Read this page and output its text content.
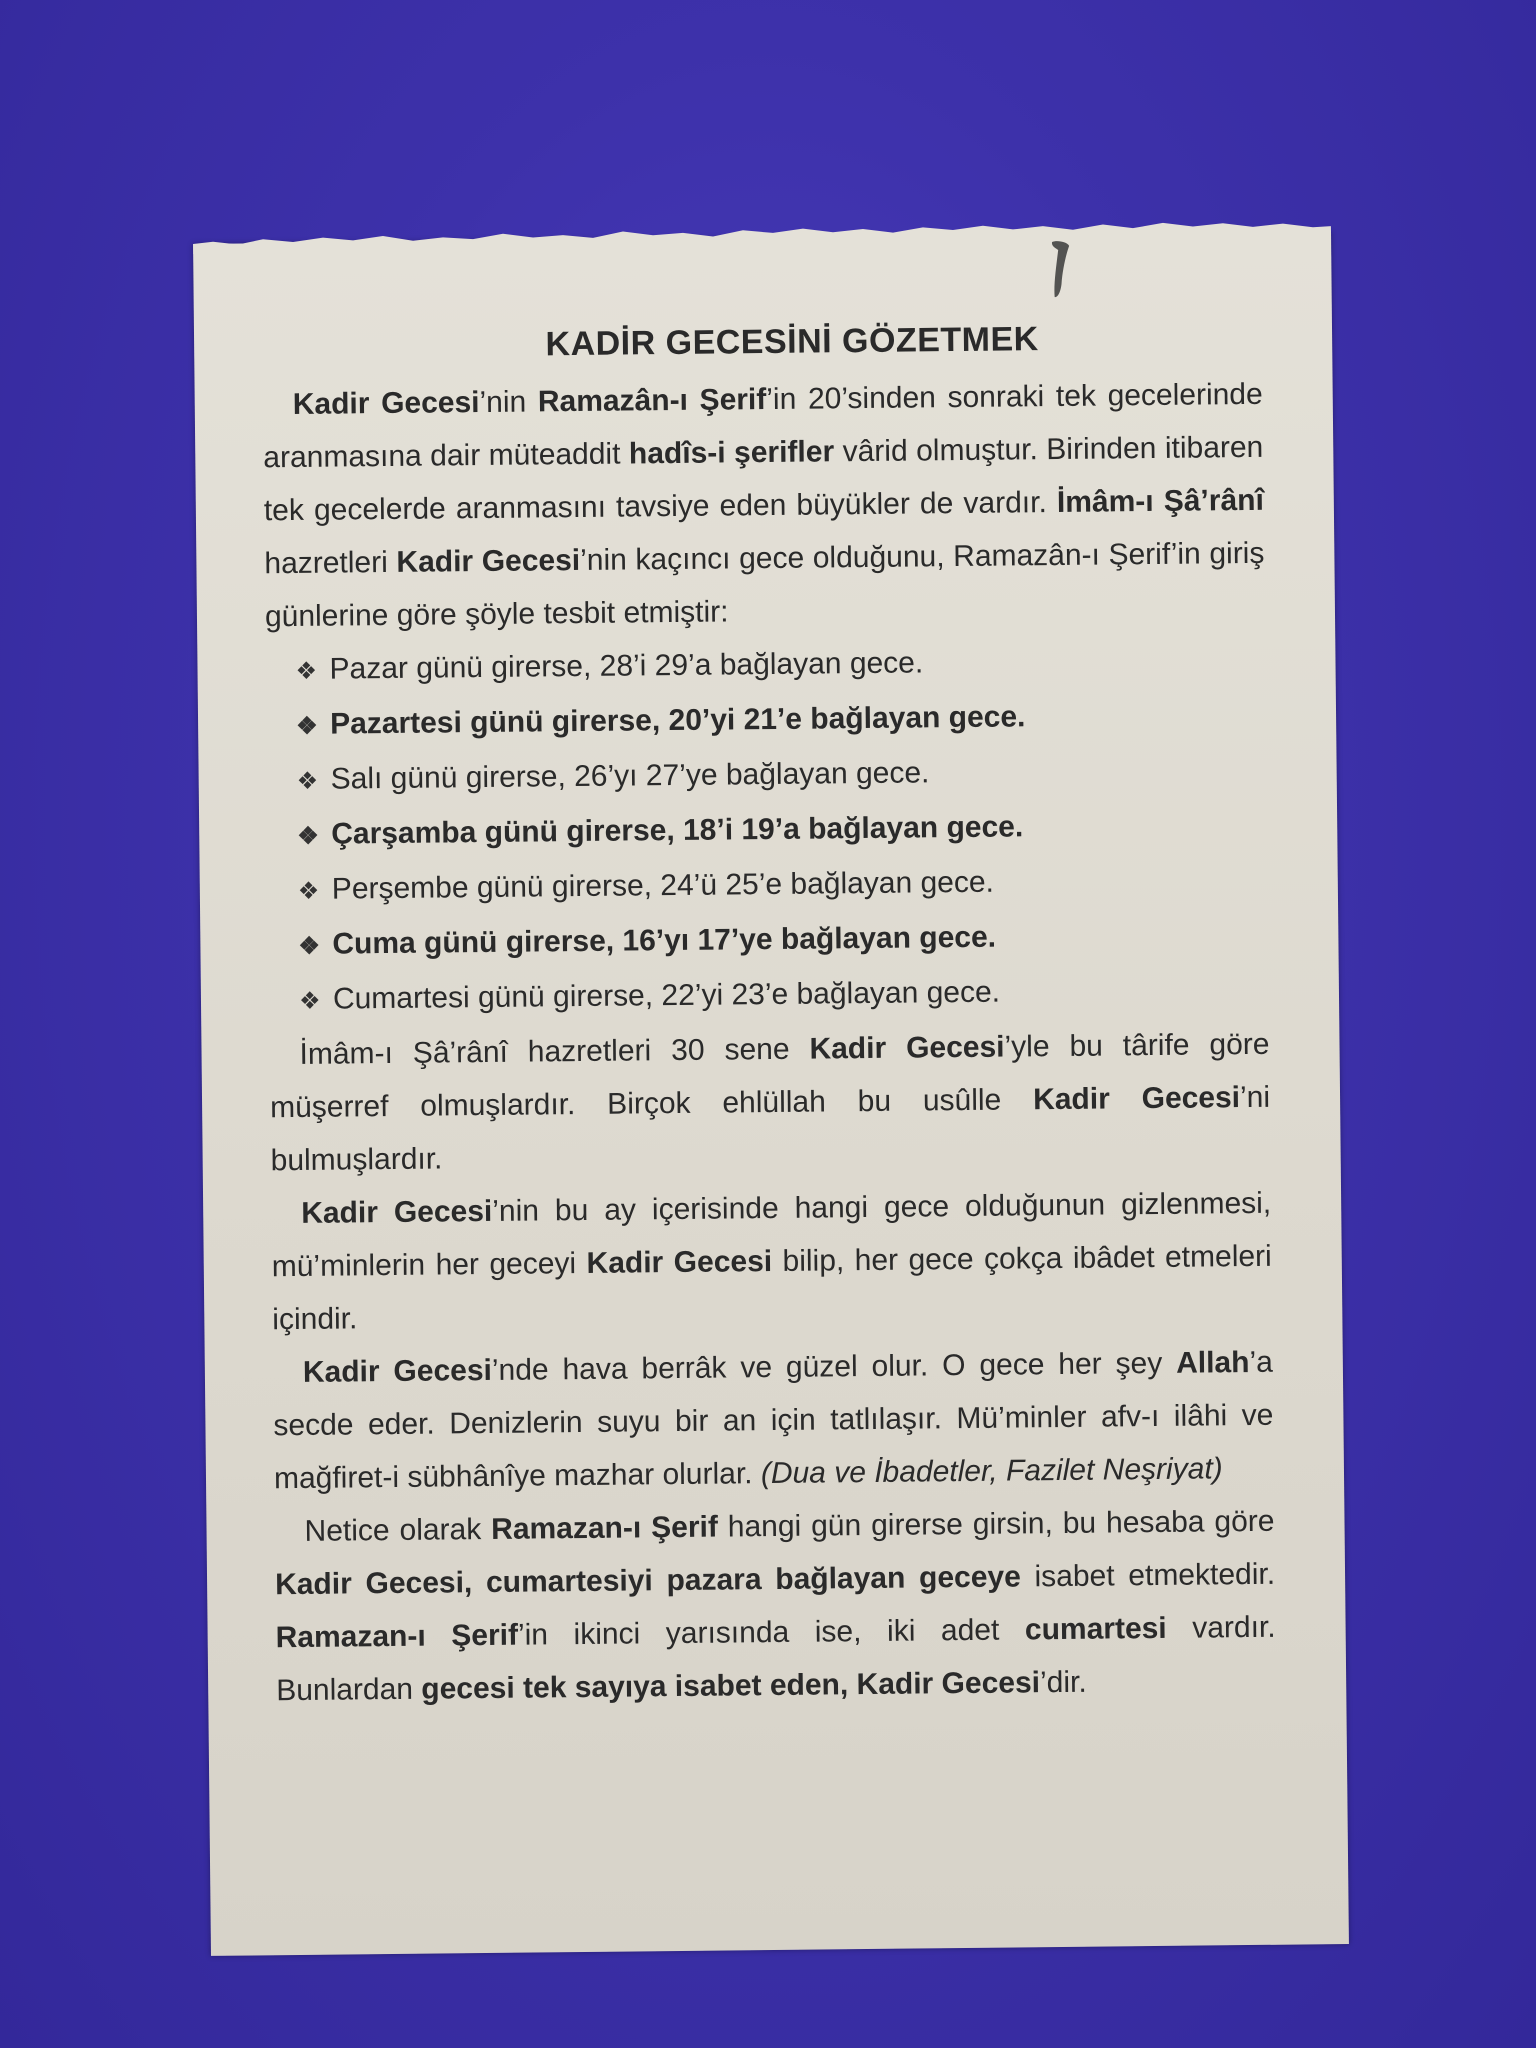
KADİR GECESİNİ GÖZETMEK

Kadir Gecesi’nin Ramazân-ı Şerif’in 20’sinden sonraki tek gecelerinde aranmasına dair müteaddit hadîs-i şerifler vârid olmuştur. Birinden itibaren tek gecelerde aranmasını tavsiye eden büyükler de vardır. İmâm-ı Şâ’rânî hazretleri Kadir Gecesi’nin kaçıncı gece olduğunu, Ramazân-ı Şerif’in giriş günlerine göre şöyle tesbit etmiştir:

❖ Pazar günü girerse, 28’i 29’a bağlayan gece.
❖ Pazartesi günü girerse, 20’yi 21’e bağlayan gece.
❖ Salı günü girerse, 26’yı 27’ye bağlayan gece.
❖ Çarşamba günü girerse, 18’i 19’a bağlayan gece.
❖ Perşembe günü girerse, 24’ü 25’e bağlayan gece.
❖ Cuma günü girerse, 16’yı 17’ye bağlayan gece.
❖ Cumartesi günü girerse, 22’yi 23’e bağlayan gece.

İmâm-ı Şâ’rânî hazretleri 30 sene Kadir Gecesi’yle bu târife göre müşerref olmuşlardır. Birçok ehlüllah bu usûlle Kadir Gecesi’ni bulmuşlardır.

Kadir Gecesi’nin bu ay içerisinde hangi gece olduğunun gizlenmesi, mü’minlerin her geceyi Kadir Gecesi bilip, her gece çokça ibâdet etmeleri içindir.

Kadir Gecesi’nde hava berrâk ve güzel olur. O gece her şey Allah’a secde eder. Denizlerin suyu bir an için tatlılaşır. Mü’minler afv-ı ilâhi ve mağfiret-i sübhânîye mazhar olurlar. (Dua ve İbadetler, Fazilet Neşriyat)

Netice olarak Ramazan-ı Şerif hangi gün girerse girsin, bu hesaba göre Kadir Gecesi, cumartesiyi pazara bağlayan geceye isabet etmektedir. Ramazan-ı Şerif’in ikinci yarısında ise, iki adet cumartesi vardır. Bunlardan gecesi tek sayıya isabet eden, Kadir Gecesi’dir.
